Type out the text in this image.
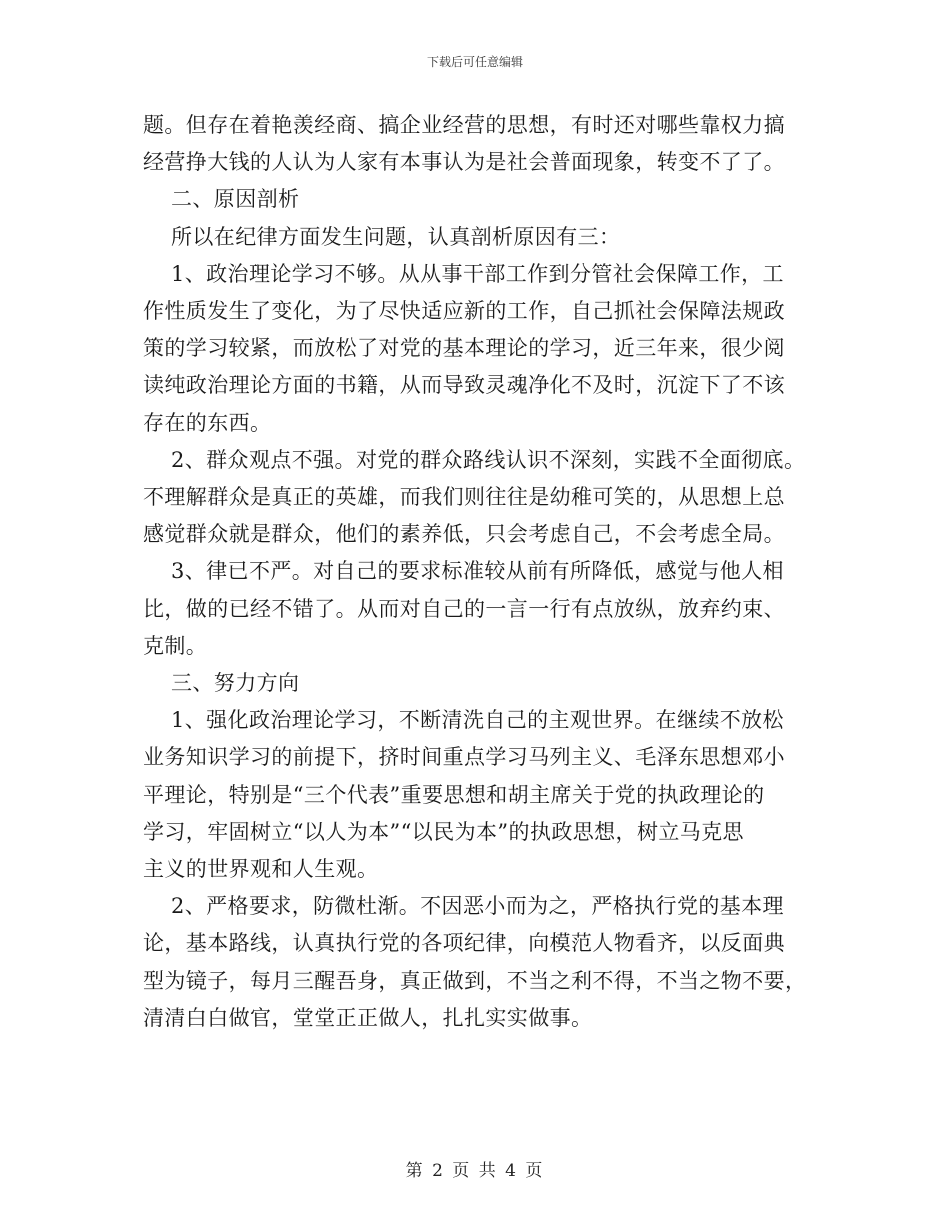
下载后可任意编辑
题。但存在着艳羡经商、搞企业经营的思想，有时还对哪些靠权力搞
经营挣大钱的人认为人家有本事认为是社会普面现象，转变不了了。
二、原因剖析
所以在纪律方面发生问题，认真剖析原因有三：
1、政治理论学习不够。从从事干部工作到分管社会保障工作，工
作性质发生了变化，为了尽快适应新的工作，自己抓社会保障法规政
策的学习较紧，而放松了对党的基本理论的学习，近三年来，很少阅
读纯政治理论方面的书籍，从而导致灵魂净化不及时，沉淀下了不该
存在的东西。
2、群众观点不强。对党的群众路线认识不深刻，实践不全面彻底。
不理解群众是真正的英雄，而我们则往往是幼稚可笑的，从思想上总
感觉群众就是群众，他们的素养低，只会考虑自己，不会考虑全局。
3、律已不严。对自己的要求标准较从前有所降低，感觉与他人相
比，做的已经不错了。从而对自己的一言一行有点放纵，放弃约束、
克制。
三、努力方向
1、强化政治理论学习，不断清洗自己的主观世界。在继续不放松
业务知识学习的前提下，挤时间重点学习马列主义、毛泽东思想邓小
平理论，特别是“三个代表”重要思想和胡主席关于党的执政理论的
学习，牢固树立“以人为本”“以民为本”的执政思想，树立马克思
主义的世界观和人生观。
2、严格要求，防微杜渐。不因恶小而为之，严格执行党的基本理
论，基本路线，认真执行党的各项纪律，向模范人物看齐，以反面典
型为镜子，每月三醒吾身，真正做到，不当之利不得，不当之物不要，
清清白白做官，堂堂正正做人，扎扎实实做事。
第 2 页 共 4 页
